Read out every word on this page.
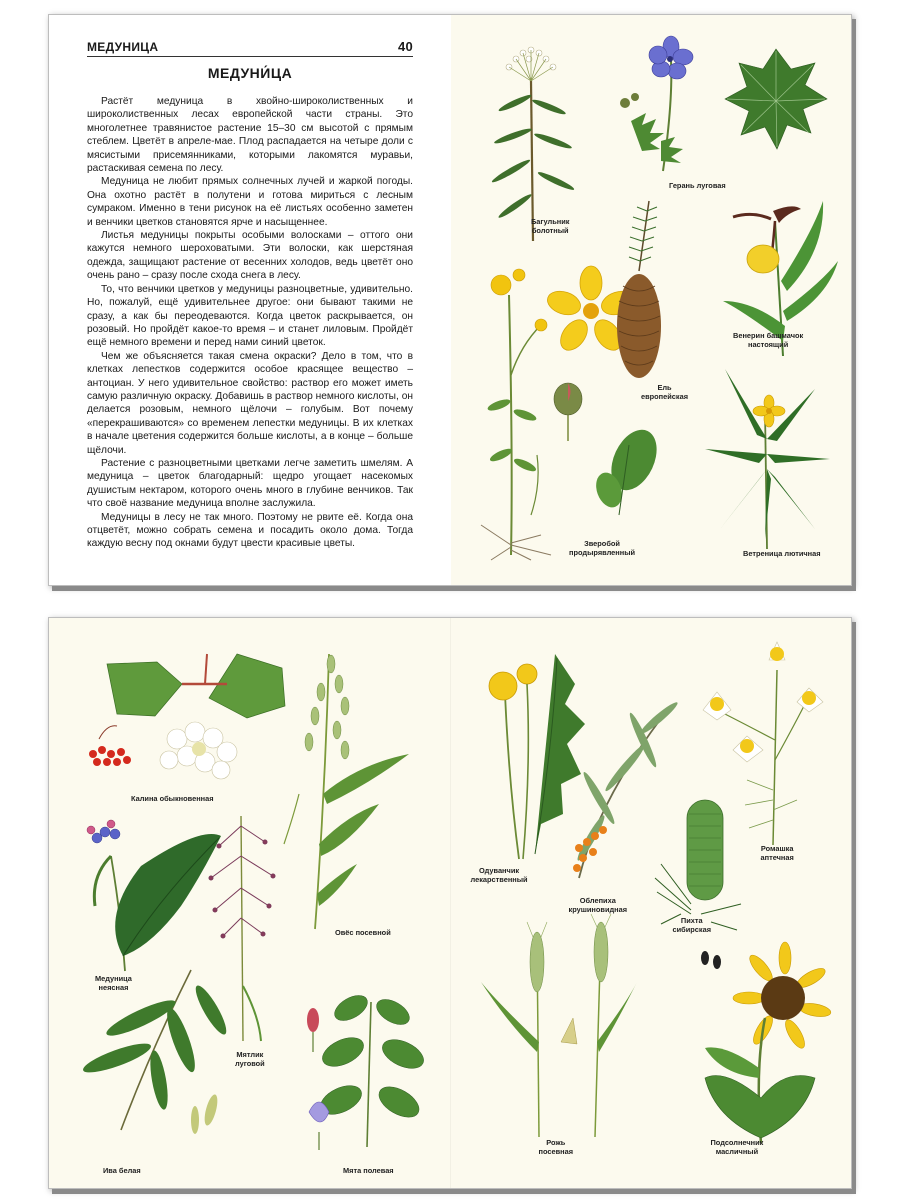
МЕДУНИЦА	40
МЕДУНИ́ЦА

Растёт медуница в хвойно-широколиственных и широколиственных лесах европейской части страны. Это многолетнее травянистое растение 15–30 см высотой с прямым стеблем. Цветёт в апреле-мае. Плод распадается на четыре доли с мясистыми присемянниками, которыми лакомятся муравьи, растаскивая семена по лесу.

Медуница не любит прямых солнечных лучей и жаркой погоды. Она охотно растёт в полутени и готова мириться с лесным сумраком. Именно в тени рисунок на её листьях особенно заметен и венчики цветков становятся ярче и насыщеннее.

Листья медуницы покрыты особыми волосками – оттого они кажутся немного шероховатыми. Эти волоски, как шерстяная одежда, защищают растение от весенних холодов, ведь цветёт оно очень рано – сразу после схода снега в лесу.

То, что венчики цветков у медуницы разноцветные, удивительно. Но, пожалуй, ещё удивительнее другое: они бывают такими не сразу, а как бы переодеваются. Когда цветок раскрывается, он розовый. Но пройдёт какое-то время – и станет лиловым. Пройдёт ещё немного времени и перед нами синий цветок.

Чем же объясняется такая смена окраски? Дело в том, что в клетках лепестков содержится особое красящее вещество – антоциан. У него удивительное свойство: раствор его может иметь самую различную окраску. Добавишь в раствор немного кислоты, он делается розовым, немного щёлочи – голубым. Вот почему «перекрашиваются» со временем лепестки медуницы. В их клетках в начале цветения содержится больше кислоты, а в конце – больше щёлочи.

Растение с разноцветными цветками легче заметить шмелям. А медуница – цветок благодарный: щедро угощает насекомых душистым нектаром, которого очень много в глубине венчиков. Так что своё название медуница вполне заслужила.

Медуницы в лесу не так много. Поэтому не рвите её. Когда она отцветёт, можно собрать семена и посадить около дома. Тогда каждую весну под окнами будут цвести красивые цветы.

Багульник
болотный
Герань луговая
Зверобой
продырявленный
Ель
европейская
Венерин башмачок
настоящий
Ветреница лютичная
Калина обыкновенная
Овёс посевной
Медуница
неясная
Мятлик
луговой
Ива белая	Мята полевая
Одуванчик
лекарственный
Облепиха
крушиновидная
Ромашка
аптечная
Пихта
сибирская
Рожь
посевная
Подсолнечник
масличный
